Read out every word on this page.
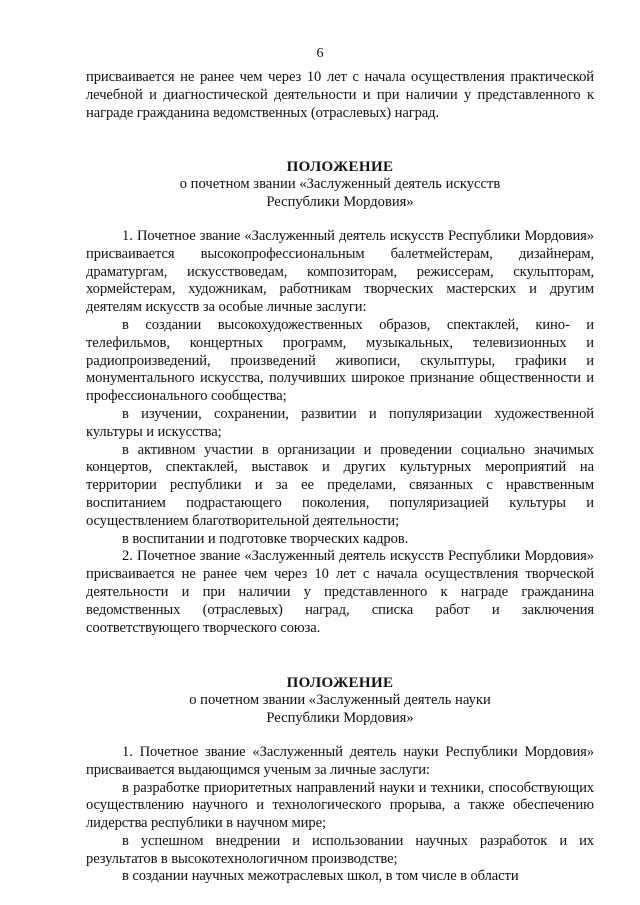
6

присваивается не ранее чем через 10 лет с начала осуществления практической лечебной и диагностической деятельности и при наличии у представленного к награде гражданина ведомственных (отраслевых) наград.

ПОЛОЖЕНИЕ
о почетном звании «Заслуженный деятель искусств
Республики Мордовия»

1. Почетное звание «Заслуженный деятель искусств Республики Мордовия» присваивается высокопрофессиональным балетмейстерам, дизайнерам, драматургам, искусствоведам, композиторам, режиссерам, скульпторам, хормейстерам, художникам, работникам творческих мастерских и другим деятелям искусств за особые личные заслуги:

в создании высокохудожественных образов, спектаклей, кино- и телефильмов, концертных программ, музыкальных, телевизионных и радиопроизведений, произведений живописи, скульптуры, графики и монументального искусства, получивших широкое признание общественности и профессионального сообщества;

в изучении, сохранении, развитии и популяризации художественной культуры и искусства;

в активном участии в организации и проведении социально значимых концертов, спектаклей, выставок и других культурных мероприятий на территории республики и за ее пределами, связанных с нравственным воспитанием подрастающего поколения, популяризацией культуры и осуществлением благотворительной деятельности;

в воспитании и подготовке творческих кадров.

2. Почетное звание «Заслуженный деятель искусств Республики Мордовия» присваивается не ранее чем через 10 лет с начала осуществления творческой деятельности и при наличии у представленного к награде гражданина ведомственных (отраслевых) наград, списка работ и заключения соответствующего творческого союза.

ПОЛОЖЕНИЕ
о почетном звании «Заслуженный деятель науки
Республики Мордовия»

1. Почетное звание «Заслуженный деятель науки Республики Мордовия» присваивается выдающимся ученым за личные заслуги:

в разработке приоритетных направлений науки и техники, способствующих осуществлению научного и технологического прорыва, а также обеспечению лидерства республики в научном мире;

в успешном внедрении и использовании научных разработок и их результатов в высокотехнологичном производстве;

в создании научных межотраслевых школ, в том числе в области
